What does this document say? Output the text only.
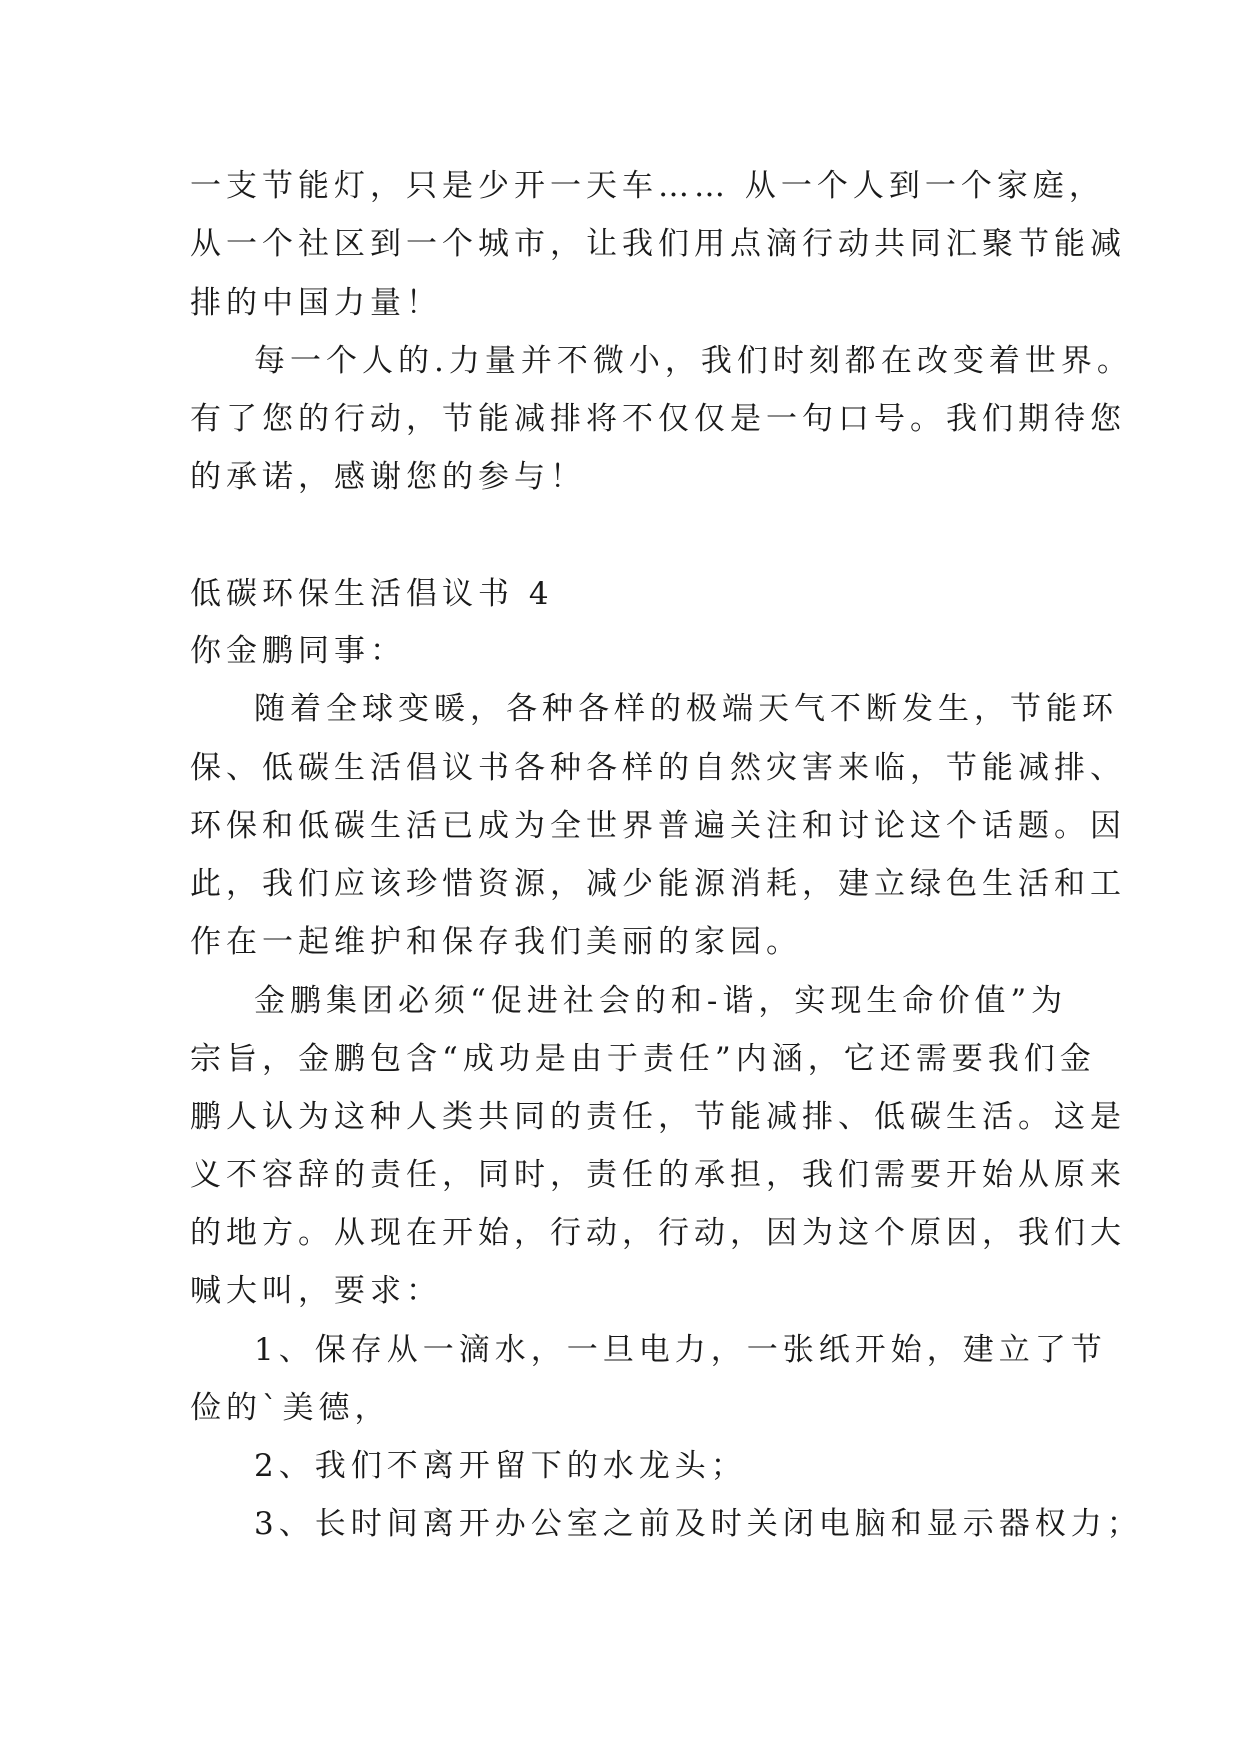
一支节能灯，只是少开一天车…… 从一个人到一个家庭，
从一个社区到一个城市，让我们用点滴行动共同汇聚节能减
排的中国力量！
每一个人的.力量并不微小，我们时刻都在改变着世界。
有了您的行动，节能减排将不仅仅是一句口号。我们期待您
的承诺，感谢您的参与！
低碳环保生活倡议书 4
你金鹏同事：
随着全球变暖，各种各样的极端天气不断发生，节能环
保、低碳生活倡议书各种各样的自然灾害来临，节能减排、
环保和低碳生活已成为全世界普遍关注和讨论这个话题。因
此，我们应该珍惜资源，减少能源消耗，建立绿色生活和工
作在一起维护和保存我们美丽的家园。
金鹏集团必须“促进社会的和-谐，实现生命价值”为
宗旨，金鹏包含“成功是由于责任”内涵，它还需要我们金
鹏人认为这种人类共同的责任，节能减排、低碳生活。这是
义不容辞的责任，同时，责任的承担，我们需要开始从原来
的地方。从现在开始，行动，行动，因为这个原因，我们大
喊大叫，要求：
1、保存从一滴水，一旦电力，一张纸开始，建立了节
俭的`美德，
2、我们不离开留下的水龙头；
3、长时间离开办公室之前及时关闭电脑和显示器权力；
